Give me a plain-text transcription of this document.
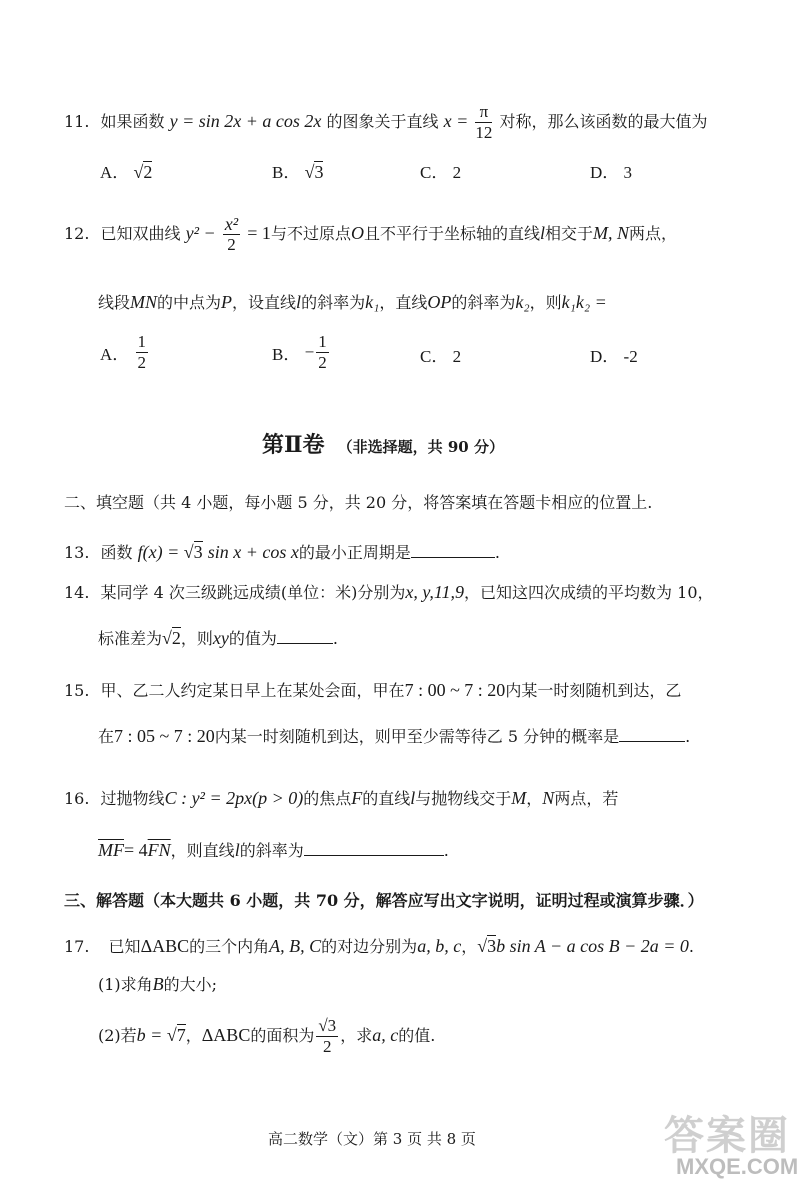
11. 如果函数 y = sin 2x + a cos 2x 的图象关于直线 $x = \frac{\pi}{12}$ 对称，那么该函数的最大值为
A． √2	B． √3	C． 2	D． 3
12. 已知双曲线 $y^2 - \frac{\text{x²}}{2} = 1$与不过原点O且不平行于坐标轴的直线l相交于M, N两点，
线段MN的中点为P，设直线l的斜率为k₁，直线OP的斜率为k₂，则k₁k₂ =
A． $\frac{1}{2}$	B． − $\frac{1}{2}$	C． 2	D． -2
第Ⅱ卷 （非选择题，共 90 分）
二、填空题（共 4 小题，每小题 5 分，共 20 分，将答案填在答题卡相应的位置上.
13. 函数 f(x) = √3 sin x + cos x的最小正周期是	.
14. 某同学 4 次三级跳远成绩(单位：米)分别为x, y,11,9，已知这四次成绩的平均数为 10，
标准差为√2，则xy的值为	.
15. 甲、乙二人约定某日早上在某处会面，甲在7 : 00 ~ 7 : 20内某一时刻随机到达，乙
在7 : 05 ~ 7 : 20内某一时刻随机到达，则甲至少需等待乙 5 分钟的概率是	.
16. 过抛物线C : y² = 2px(p > 0)的焦点F的直线l与抛物线交于M，N两点，若
$\overline{MF}= 4\overline{FN}$，则直线l的斜率为	.
三、解答题（本大题共 6 小题，共 70 分，解答应写出文字说明，证明过程或演算步骤．）
17. 已知ΔABC的三个内角A, B, C的对边分别为a, b, c，√3b sin A − a cos B − 2a = 0.
(1)求角B的大小;
(2)若b = √7，ΔABC的面积为 $\frac{√3}{2}$ ，求a, c的值.
高二数学（文）第 3 页 共 8 页	答案圈
MXQE.COM
